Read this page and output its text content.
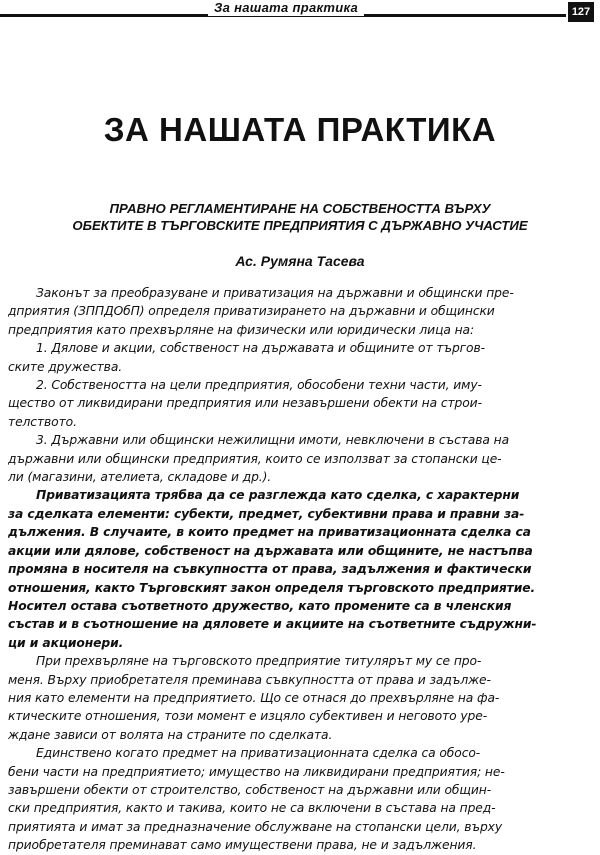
За нашата практика	127
ЗА НАШАТА ПРАКТИКА
ПРАВНО РЕГЛАМЕНТИРАНЕ НА СОБСТВЕНОСТТА ВЪРХУ
ОБЕКТИТЕ В ТЪРГОВСКИТЕ ПРЕДПРИЯТИЯ С ДЪРЖАВНО УЧАСТИЕ
Ас. Румяна Тасева
Законът за преобразуване и приватизация на държавни и общински пре-
дприятия (ЗППДОбП) определя приватизирането на държавни и общински
предприятия като прехвърляне на физически или юридически лица на:
1. Дялове и акции, собственост на държавата и общините от търгов-
ските дружества.
2. Собствеността на цели предприятия, обособени техни части, иму-
щество от ликвидирани предприятия или незавършени обекти на строи-
телството.
3. Държавни или общински нежилищни имоти, невключени в състава на
държавни или общински предприятия, които се използват за стопански це-
ли (магазини, ателиета, складове и др.).
Приватизацията трябва да се разглежда като сделка, с характерни
за сделката елементи: субекти, предмет, субективни права и правни за-
дължения. В случаите, в които предмет на приватизационната сделка са
акции или дялове, собственост на държавата или общините, не настъпва
промяна в носителя на съвкупността от права, задължения и фактически
отношения, както Търговският закон определя търговското предприятие.
Носител остава съответното дружество, като промените са в членския
състав и в съотношение на дяловете и акциите на съответните съдружни-
ци и акционери.
При прехвърляне на търговското предприятие титулярът му се про-
меня. Върху приобретателя преминава съвкупността от права и задълже-
ния като елементи на предприятието. Що се отнася до прехвърляне на фа-
ктическите отношения, този момент е изцяло субективен и неговото уре-
ждане зависи от волята на страните по сделката.
Единствено когато предмет на приватизационната сделка са обосо-
бени части на предприятието; имущество на ликвидирани предприятия; не-
завършени обекти от строителство, собственост на държавни или общин-
ски предприятия, както и такива, които не са включени в състава на пред-
приятията и имат за предназначение обслужване на стопански цели, върху
приобретателя преминават само имуществени права, не и задължения.
